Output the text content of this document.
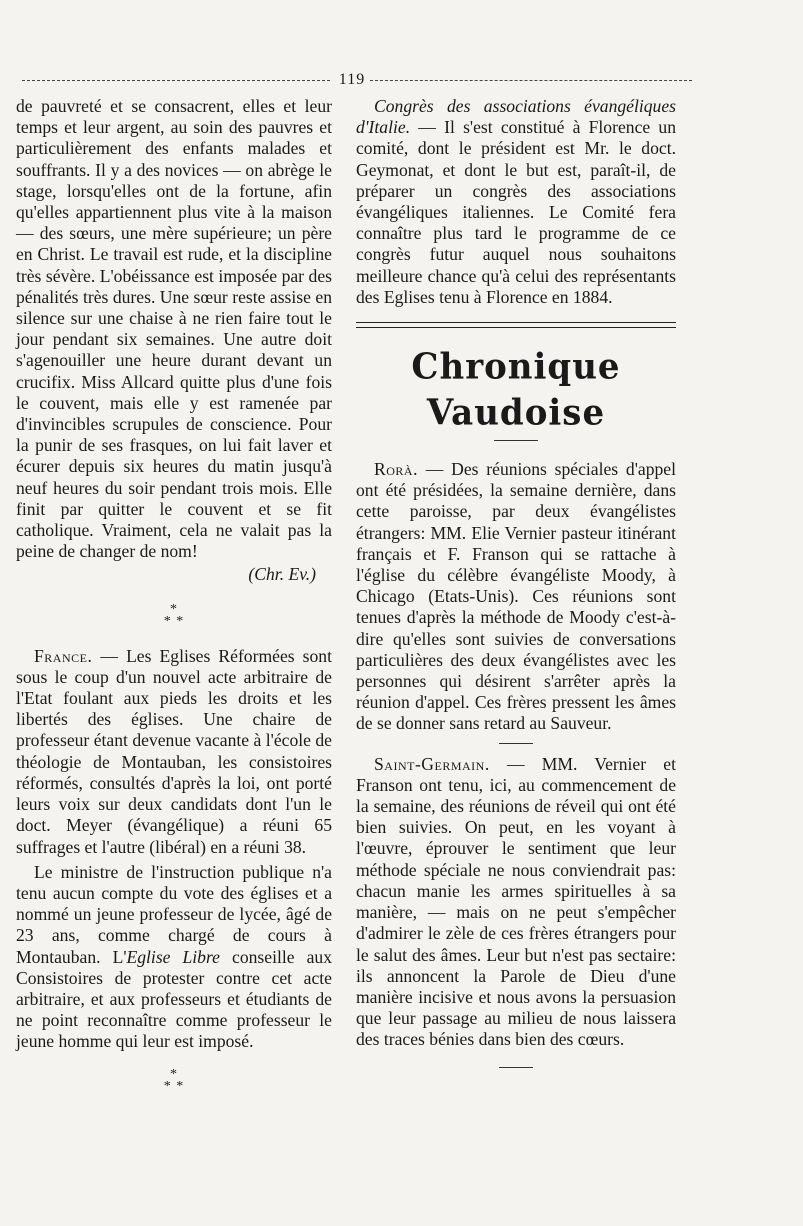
119

de pauvreté et se consacrent, elles et leur temps et leur argent, au soin des pauvres et particulièrement des enfants malades et souffrants. Il y a des novices — on abrège le stage, lorsqu'elles ont de la fortune, afin qu'elles appartiennent plus vite à la maison — des sœurs, une mère supérieure; un père en Christ. Le travail est rude, et la discipline très sévère. L'obéissance est imposée par des pénalités très dures. Une sœur reste assise en silence sur une chaise à ne rien faire tout le jour pendant six semaines. Une autre doit s'agenouiller une heure durant devant un crucifix. Miss Allcard quitte plus d'une fois le couvent, mais elle y est ramenée par d'invincibles scrupules de conscience. Pour la punir de ses frasques, on lui fait laver et écurer depuis six heures du matin jusqu'à neuf heures du soir pendant trois mois. Elle finit par quitter le couvent et se fit catholique. Vraiment, cela ne valait pas la peine de changer de nom!

(Chr. Ev.)
*
* *

France. — Les Eglises Réformées sont sous le coup d'un nouvel acte arbitraire de l'Etat foulant aux pieds les droits et les libertés des églises. Une chaire de professeur étant devenue vacante à l'école de théologie de Montauban, les consistoires réformés, consultés d'après la loi, ont porté leurs voix sur deux candidats dont l'un le doct. Meyer (évangélique) a réuni 65 suffrages et l'autre (libéral) en a réuni 38.

Le ministre de l'instruction publique n'a tenu aucun compte du vote des églises et a nommé un jeune professeur de lycée, âgé de 23 ans, comme chargé de cours à Montauban. L'Eglise Libre conseille aux Consistoires de protester contre cet acte arbitraire, et aux professeurs et étudiants de ne point reconnaître comme professeur le jeune homme qui leur est imposé.

*
* *

Congrès des associations évangéliques d'Italie. — Il s'est constitué à Florence un comité, dont le président est Mr. le doct. Geymonat, et dont le but est, paraît-il, de préparer un congrès des associations évangéliques italiennes. Le Comité fera connaître plus tard le programme de ce congrès futur auquel nous souhaitons meilleure chance qu'à celui des représentants des Eglises tenu à Florence en 1884.

Chronique Vaudoise

Rorà. — Des réunions spéciales d'appel ont été présidées, la semaine dernière, dans cette paroisse, par deux évangélistes étrangers: MM. Elie Vernier pasteur itinérant français et F. Franson qui se rattache à l'église du célèbre évangéliste Moody, à Chicago (Etats-Unis). Ces réunions sont tenues d'après la méthode de Moody c'est-à-dire qu'elles sont suivies de conversations particulières des deux évangélistes avec les personnes qui désirent s'arrêter après la réunion d'appel. Ces frères pressent les âmes de se donner sans retard au Sauveur.

Saint-Germain. — MM. Vernier et Franson ont tenu, ici, au commencement de la semaine, des réunions de réveil qui ont été bien suivies. On peut, en les voyant à l'œuvre, éprouver le sentiment que leur méthode spéciale ne nous conviendrait pas: chacun manie les armes spirituelles à sa manière, — mais on ne peut s'empêcher d'admirer le zèle de ces frères étrangers pour le salut des âmes. Leur but n'est pas sectaire: ils annoncent la Parole de Dieu d'une manière incisive et nous avons la persuasion que leur passage au milieu de nous laissera des traces bénies dans bien des cœurs.
